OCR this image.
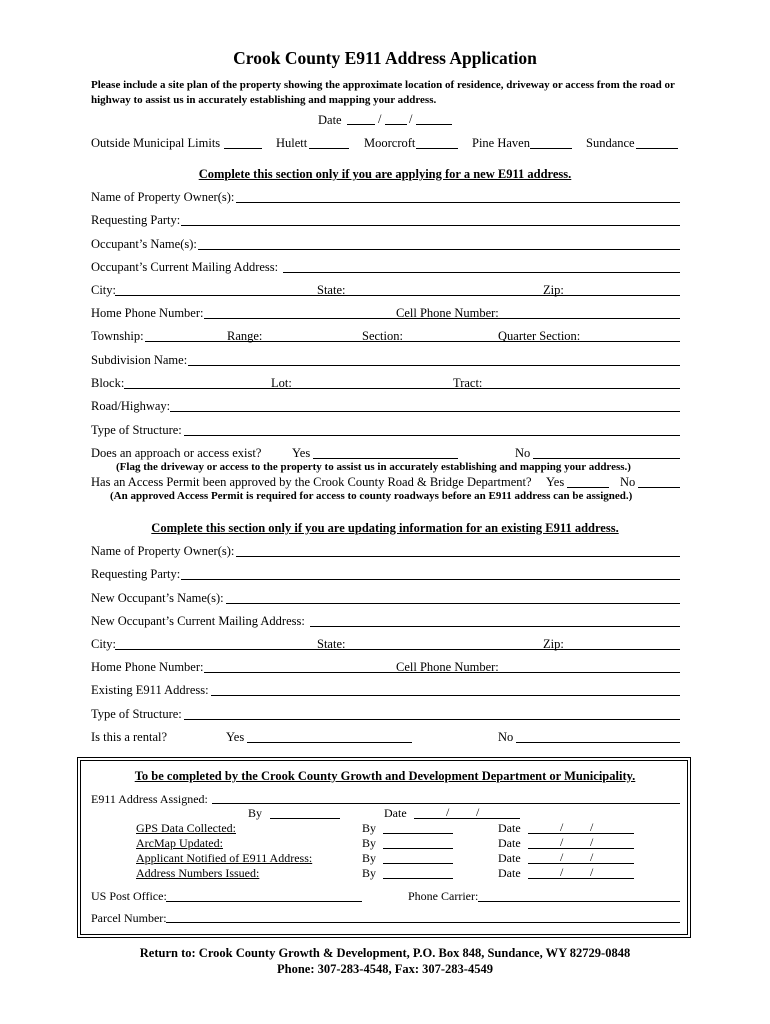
Crook County E911 Address Application
Please include a site plan of the property showing the approximate location of residence, driveway or access from the road or highway to assist us in accurately establishing and mapping your address.
Date	/ /
Outside Municipal Limits	Hulett	Moorcroft	Pine Haven	Sundance
Complete this section only if you are applying for a new E911 address.
Name of Property Owner(s):
Requesting Party:
Occupant’s Name(s):
Occupant’s Current Mailing Address:
City:	State:	Zip:
Home Phone Number:	Cell Phone Number:
Township:	Range:	Section:	Quarter Section:
Subdivision Name:
Block:	Lot:	Tract:
Road/Highway:
Type of Structure:
Does an approach or access exist? Yes	No
(Flag the driveway or access to the property to assist us in accurately establishing and mapping your address.)
Has an Access Permit been approved by the Crook County Road & Bridge Department? Yes	No
(An approved Access Permit is required for access to county roadways before an E911 address can be assigned.)
Complete this section only if you are updating information for an existing E911 address.
Name of Property Owner(s):
Requesting Party:
New Occupant’s Name(s):
New Occupant’s Current Mailing Address:
City:	State:	Zip:
Home Phone Number:	Cell Phone Number:
Existing E911 Address:
Type of Structure:
Is this a rental?	Yes	No
To be completed by the Crook County Growth and Development Department or Municipality.
E911 Address Assigned:
By	Date	/ /
GPS Data Collected:	By	Date	/ /
ArcMap Updated:	By	Date	/ /
Applicant Notified of E911 Address:	By	Date	/ /
Address Numbers Issued:	By	Date	/ /
US Post Office:	Phone Carrier:
Parcel Number:
Return to: Crook County Growth & Development, P.O. Box 848, Sundance, WY 82729-0848
Phone: 307-283-4548, Fax: 307-283-4549
